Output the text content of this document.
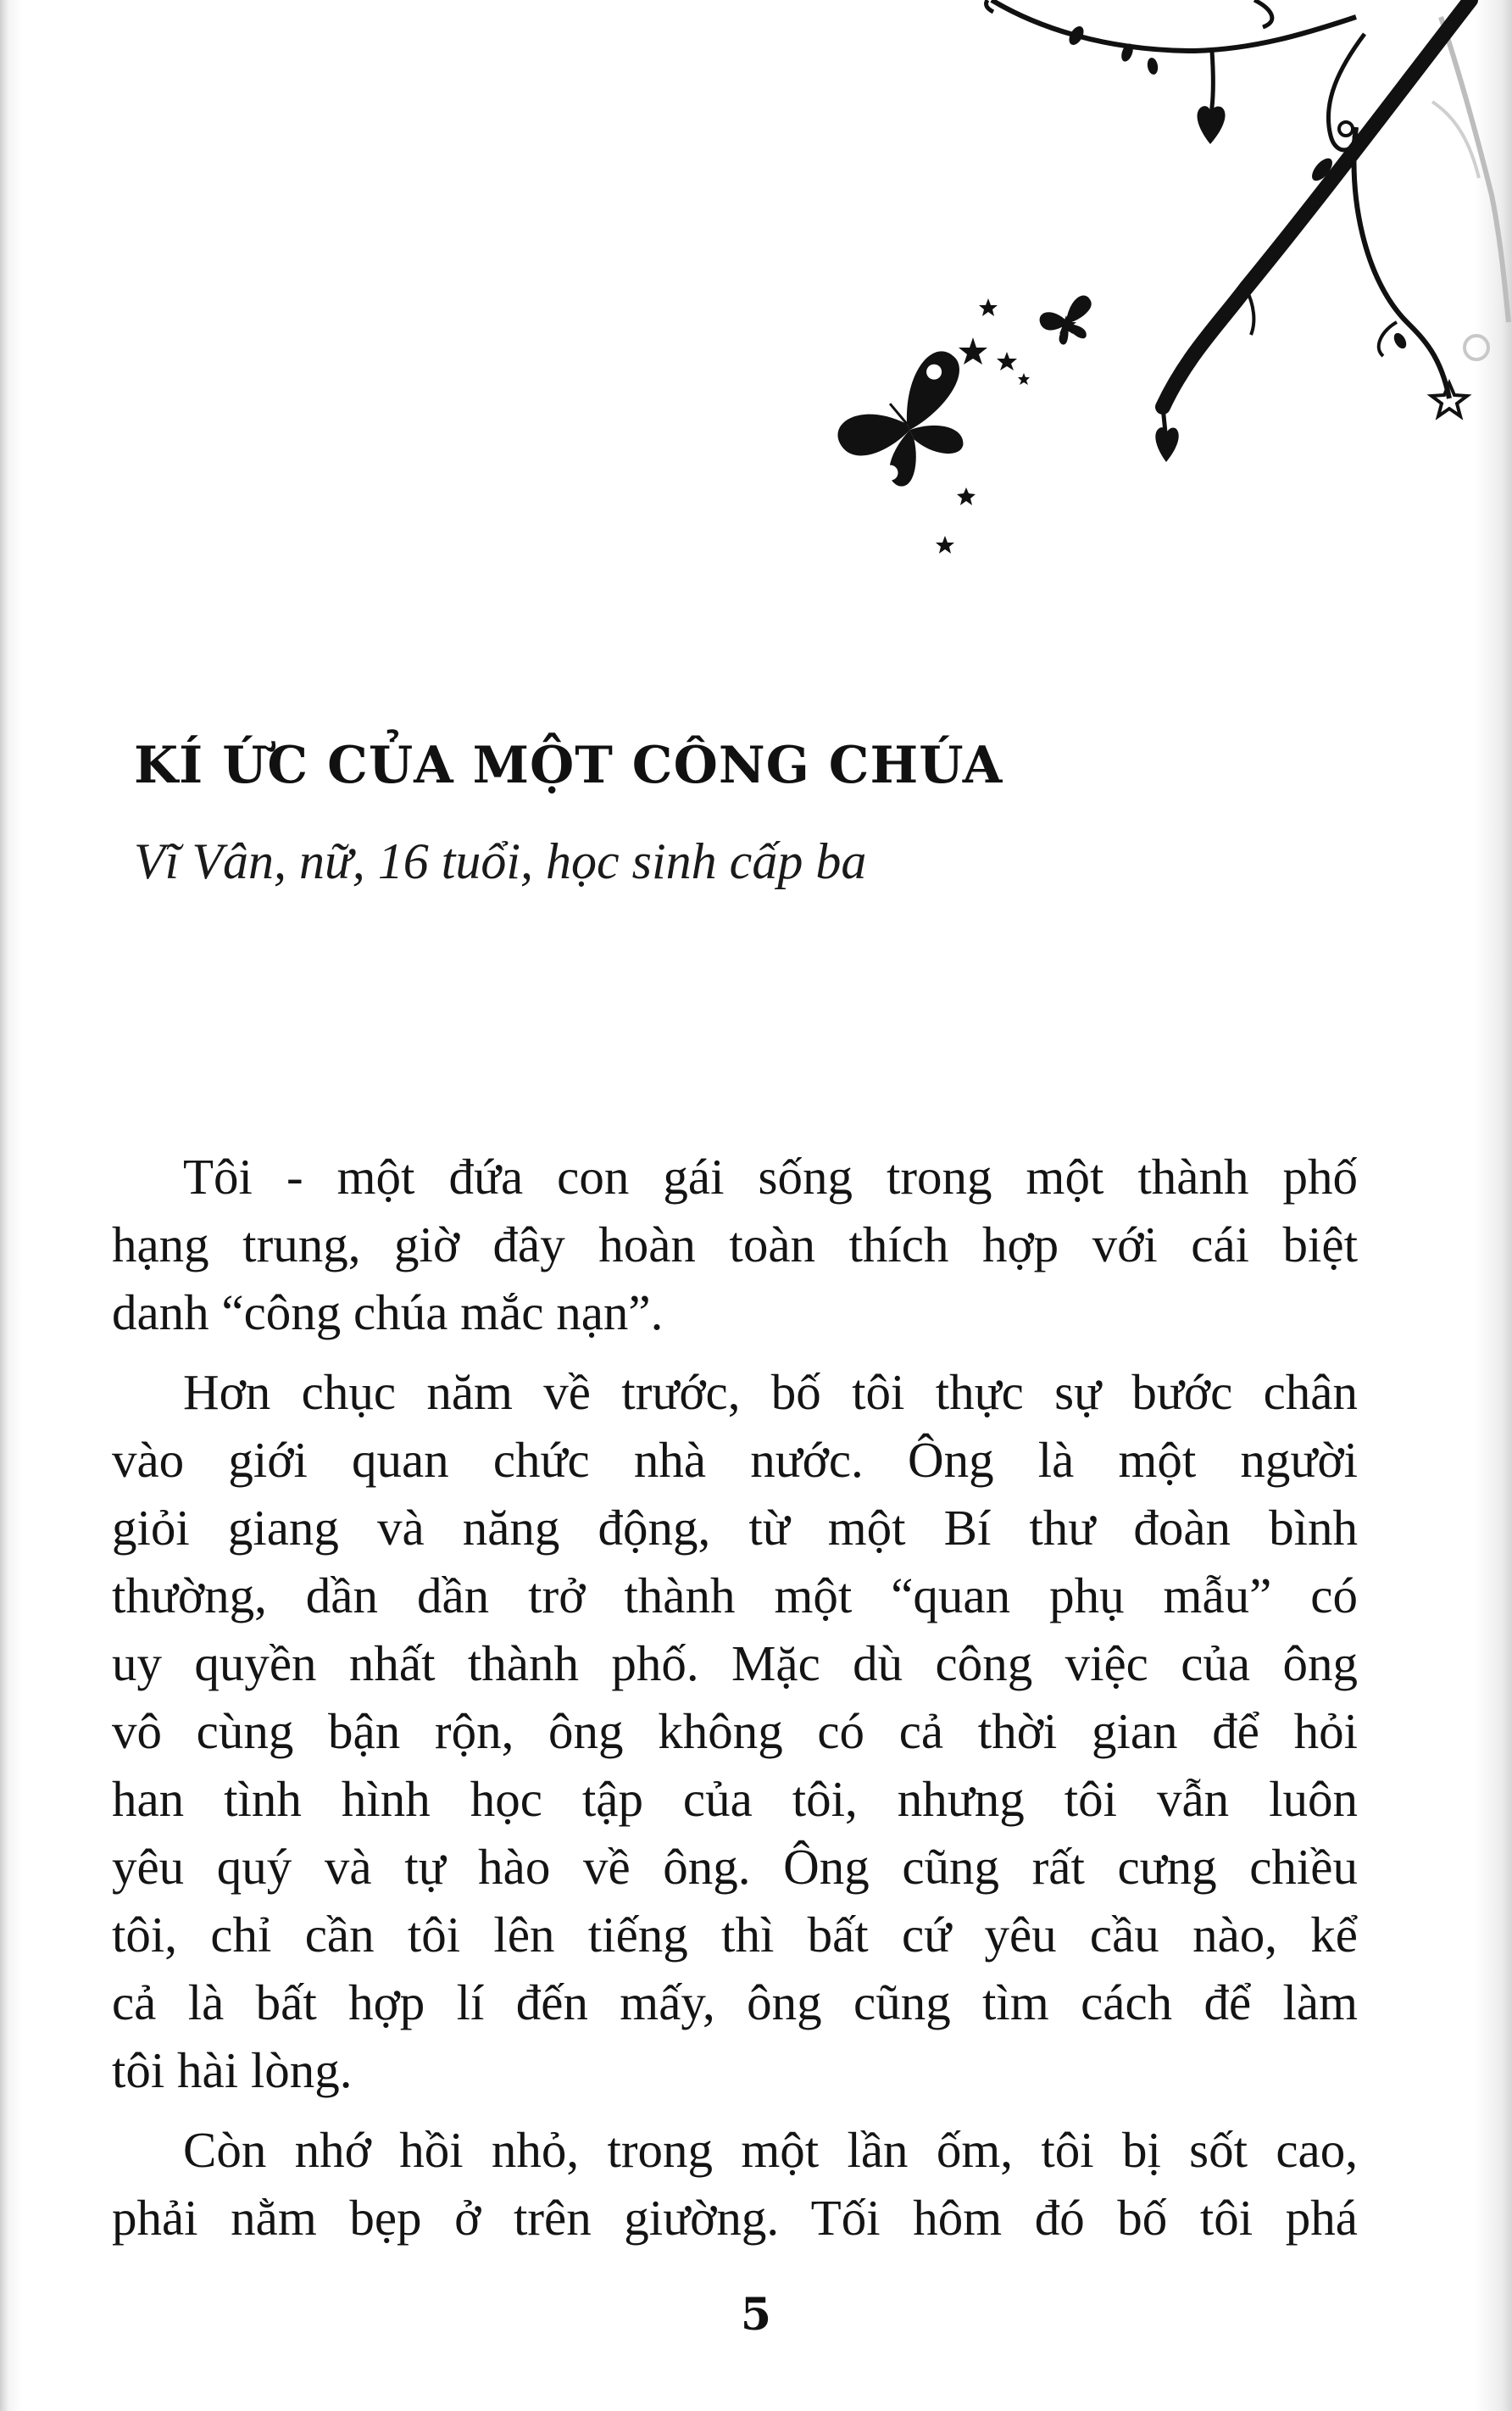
KÍ ỨC CỦA MỘT CÔNG CHÚA

Vĩ Vân, nữ, 16 tuổi, học sinh cấp ba

Tôi - một đứa con gái sống trong một thành phố
hạng trung, giờ đây hoàn toàn thích hợp với cái biệt
danh “công chúa mắc nạn”.
Hơn chục năm về trước, bố tôi thực sự bước chân
vào giới quan chức nhà nước. Ông là một người
giỏi giang và năng động, từ một Bí thư đoàn bình
thường, dần dần trở thành một “quan phụ mẫu” có
uy quyền nhất thành phố. Mặc dù công việc của ông
vô cùng bận rộn, ông không có cả thời gian để hỏi
han tình hình học tập của tôi, nhưng tôi vẫn luôn
yêu quý và tự hào về ông. Ông cũng rất cưng chiều
tôi, chỉ cần tôi lên tiếng thì bất cứ yêu cầu nào, kể
cả là bất hợp lí đến mấy, ông cũng tìm cách để làm
tôi hài lòng.
Còn nhớ hồi nhỏ, trong một lần ốm, tôi bị sốt cao,
phải nằm bẹp ở trên giường. Tối hôm đó bố tôi phá
5
